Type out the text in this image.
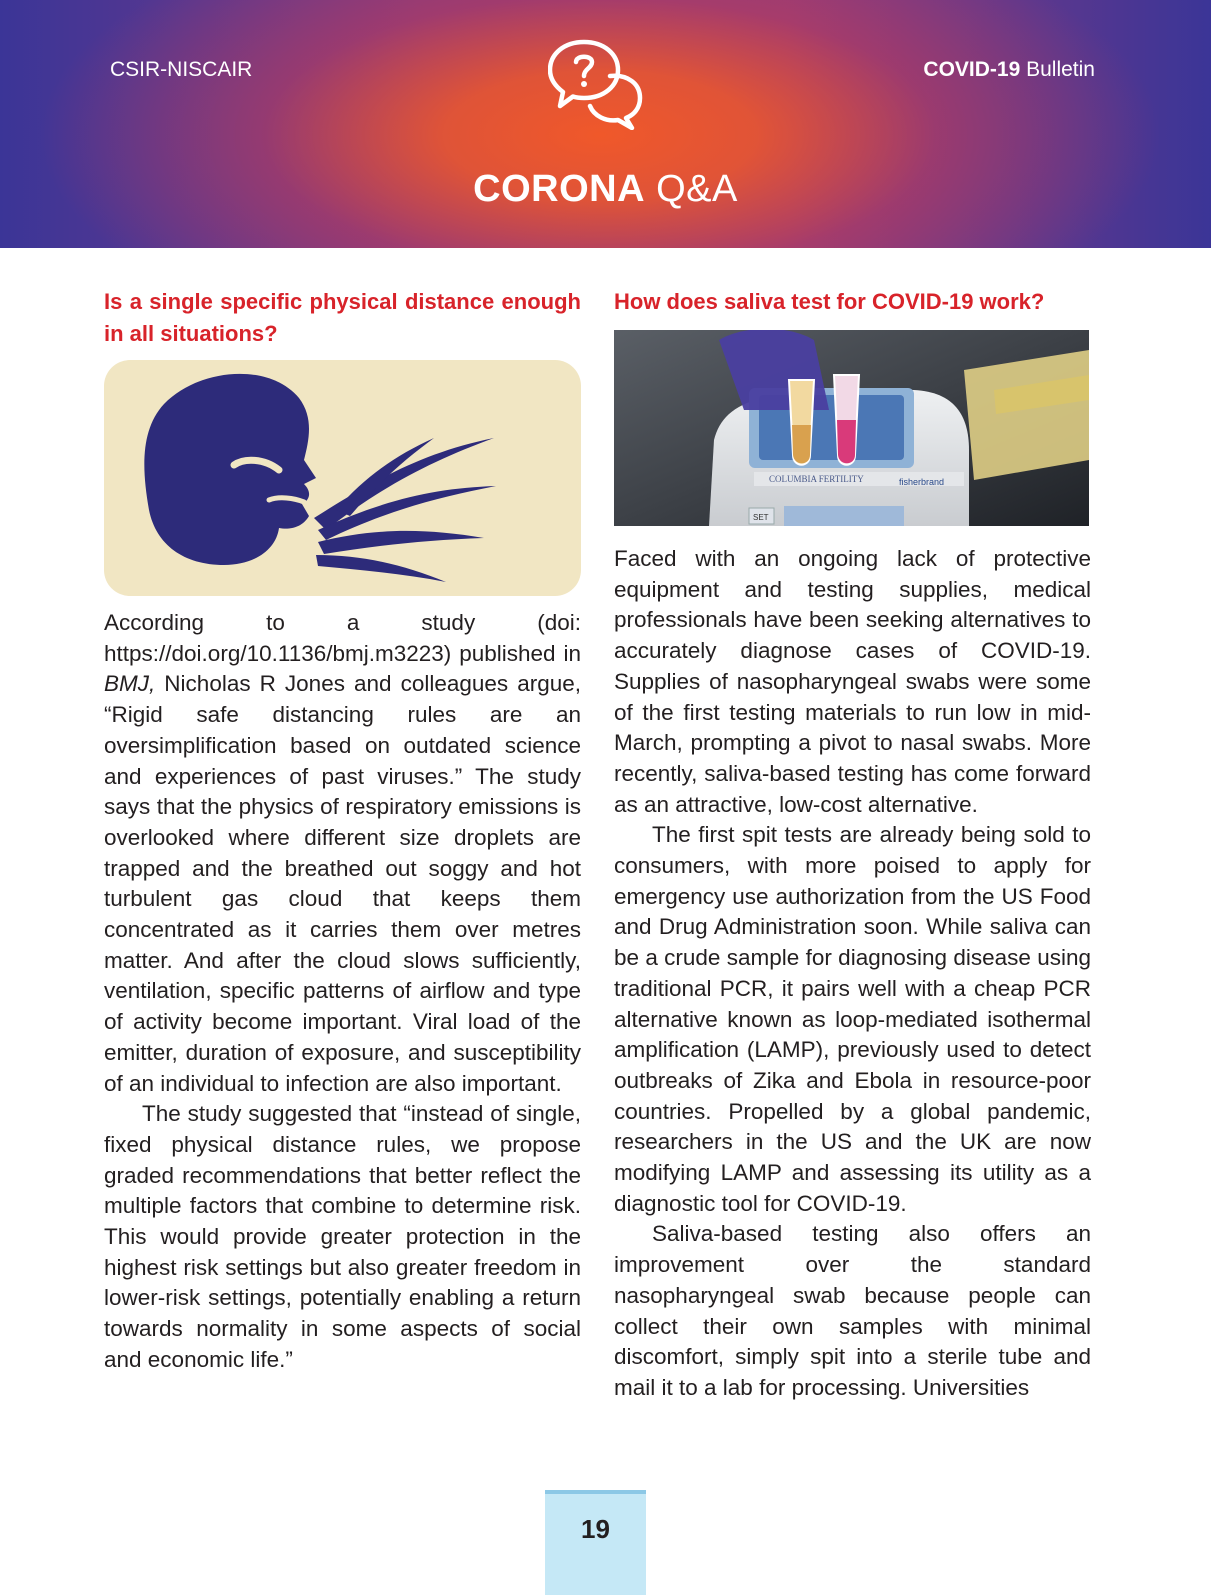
CSIR-NISCAIR	COVID-19 Bulletin
CORONA Q&A
Is a single specific physical distance enough in all situations?

According to a study (doi: https://doi.org/10.1136/bmj.m3223) published in BMJ, Nicholas R Jones and colleagues argue, “Rigid safe distancing rules are an oversimplification based on outdated science and experiences of past viruses.” The study says that the physics of respiratory emissions is overlooked where different size droplets are trapped and the breathed out soggy and hot turbulent gas cloud that keeps them concentrated as it carries them over metres matter. And after the cloud slows sufficiently, ventilation, specific patterns of airflow and type of activity become important. Viral load of the emitter, duration of exposure, and susceptibility of an individual to infection are also important.

The study suggested that “instead of single, fixed physical distance rules, we propose graded recommendations that better reflect the multiple factors that combine to determine risk. This would provide greater protection in the highest risk settings but also greater freedom in lower-risk settings, potentially enabling a return towards normality in some aspects of social and economic life.”

How does saliva test for COVID-19 work?
COLUMBIA FERTILITY	fisherbrand
SET

Faced with an ongoing lack of protective equipment and testing supplies, medical professionals have been seeking alternatives to accurately diagnose cases of COVID-19. Supplies of nasopharyngeal swabs were some of the first testing materials to run low in mid-March, prompting a pivot to nasal swabs. More recently, saliva-based testing has come forward as an attractive, low-cost alternative.

The first spit tests are already being sold to consumers, with more poised to apply for emergency use authorization from the US Food and Drug Administration soon. While saliva can be a crude sample for diagnosing disease using traditional PCR, it pairs well with a cheap PCR alternative known as loop-mediated isothermal amplification (LAMP), previously used to detect outbreaks of Zika and Ebola in resource-poor countries. Propelled by a global pandemic, researchers in the US and the UK are now modifying LAMP and assessing its utility as a diagnostic tool for COVID-19.

Saliva-based testing also offers an improvement over the standard nasopharyngeal swab because people can collect their own samples with minimal discomfort, simply spit into a sterile tube and mail it to a lab for processing. Universities

19
